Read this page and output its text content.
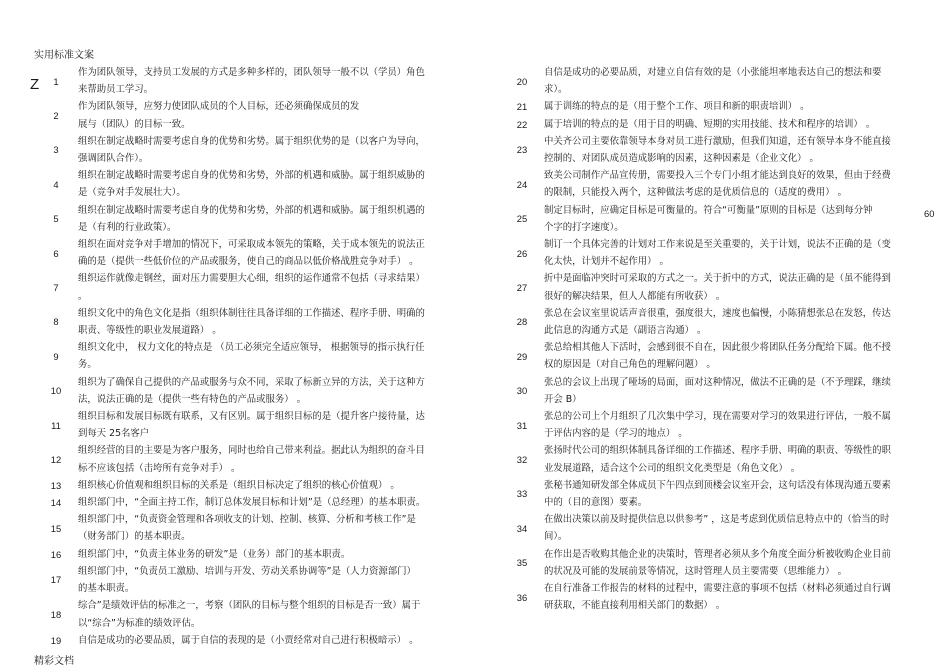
实用标准文案
Z
60
1
作为团队领导，支持员工发展的方式是多种多样的，团队领导一般不以（学员）角色
来帮助员工学习。
2
作为团队领导，应努力使团队成员的个人目标，还必须确保成员的发
展与（团队）的目标一致。
3
组织在制定战略时需要考虑自身的优势和劣势。属于组织优势的是（以客户为导向，
强调团队合作）。
4
组织在制定战略时需要考虑自身的优势和劣势，外部的机遇和威胁。属于组织威胁的
是（竞争对手发展壮大）。
5
组织在制定战略时需要考虑自身的优势和劣势，外部的机遇和威胁。属于组织机遇的
是（有利的行业政策）。
6
组织在面对竞争对手增加的情况下，可采取成本领先的策略，关于成本领先的说法正
确的是（提供一些低价位的产品或服务，使自己的商品以低价格战胜竞争对手） 。
7
组织运作就像走钢丝，面对压力需要胆大心细，组织的运作通常不包括（寻求结果） 。
8
组织文化中的角色文化是指（组织体制往往具备详细的工作描述、程序手册、明确的
职责、等级性的职业发展道路） 。
9
组织文化中， 权力文化的特点是 （员工必须完全适应领导， 根据领导的指示执行任务。
10
组织为了确保自己提供的产品或服务与众不同，采取了标新立异的方法，关于这种方
法，说法正确的是（提供一些有特色的产品或服务） 。
11
组织目标和发展目标既有联系，又有区别。属于组织目标的是（提升客户接待量，达
到每天 25名客户
12
组织经营的目的主要是为客户服务，同时也给自己带来利益。据此认为组织的奋斗目
标不应该包括（击垮所有竞争对手） 。
13	组织核心价值观和组织目标的关系是（组织目标决定了组织的核心价值观） 。
14	组织部门中，“全面主持工作，制订总体发展目标和计划”是（总经理）的基本职责。
15
组织部门中，“负责资金管理和各项收支的计划、控制、核算、分析和考核工作”是
（财务部门）的基本职责。
16	组织部门中，“负责主体业务的研发”是（业务）部门的基本职责。
17
组织部门中，“负责员工激励、培训与开发、劳动关系协调等”是（人力资源部门）
的基本职责。
18
综合”是绩效评估的标准之一，考察（团队的目标与整个组织的目标是否一致）属于
以“综合”为标准的绩效评估。
19	自信是成功的必要品质，属于自信的表现的是（小贾经常对自己进行积极暗示） 。
20
自信是成功的必要品质，对建立自信有效的是（小张能坦率地表达自己的想法和要
求）。
21	属于训练的特点的是（用于整个工作、项目和新的职责培训） 。
22	属于培训的特点的是（用于目的明确、短期的实用技能、技术和程序的培训） 。
23
中关齐公司主要依靠领导本身对员工进行激励，但我们知道，还有领导本身不能直接
控制的、对团队成员造成影响的因素，这种因素是（企业文化） 。
24
致美公司制作产品宣传册，需要投入三个专门小组才能达到良好的效果，但由于经费
的限制，只能投入两个，这种做法考虑的是优质信息的（适度的费用） 。
25
制定目标时，应确定目标是可衡量的。符合“可衡量”原则的目标是（达到每分钟
个字的打字速度）。
26
制订一个具体完善的计划对工作来说是至关重要的，关于计划，说法不正确的是（变
化太快，计划并不起作用） 。
27
折中是面临冲突时可采取的方式之一。关于折中的方式，说法正确的是（虽不能得到
很好的解决结果，但人人都能有所收获） 。
28
张总在会议室里说话声音很重，强度很大，速度也偏慢，小陈猜想张总在发怒，传达
此信息的沟通方式是（副语言沟通） 。
29
张总给相其他人下活时，会感到很不自在，因此很少将团队任务分配给下属。他不授
权的原因是（对自己角色的理解问题） 。
30
张总的会议上出现了哑场的局面，面对这种情况，做法不正确的是（不予理踩，继续
开会 B）
31
张总的公司上个月组织了几次集中学习，现在需要对学习的效果进行评估，一般不属
于评估内容的是（学习的地点） 。
32
张扬时代公司的组织体制具备详细的工作描述、程序手册、明确的职责、等级性的职
业发展道路，适合这个公司的组织文化类型是（角色文化） 。
33
张秘书通知研发部全体成员下午四点到顶楼会议室开会，这句话没有体现沟通五要素
中的（目的意图）要素。
34
在做出决策以前及时提供信息以供参考” ，这是考虑到优质信息特点中的（恰当的时
间）。
35
在作出是否收购其他企业的决策时，管理者必须从多个角度全面分析被收购企业目前
的状况及可能的发展前景等情况，这时管理人员主要需要（思维能力） 。
36
在自行准备工作报告的材料的过程中，需要注意的事项不包括（材料必须通过自行调
研获取，不能直接利用相关部门的数据） 。
精彩文档
